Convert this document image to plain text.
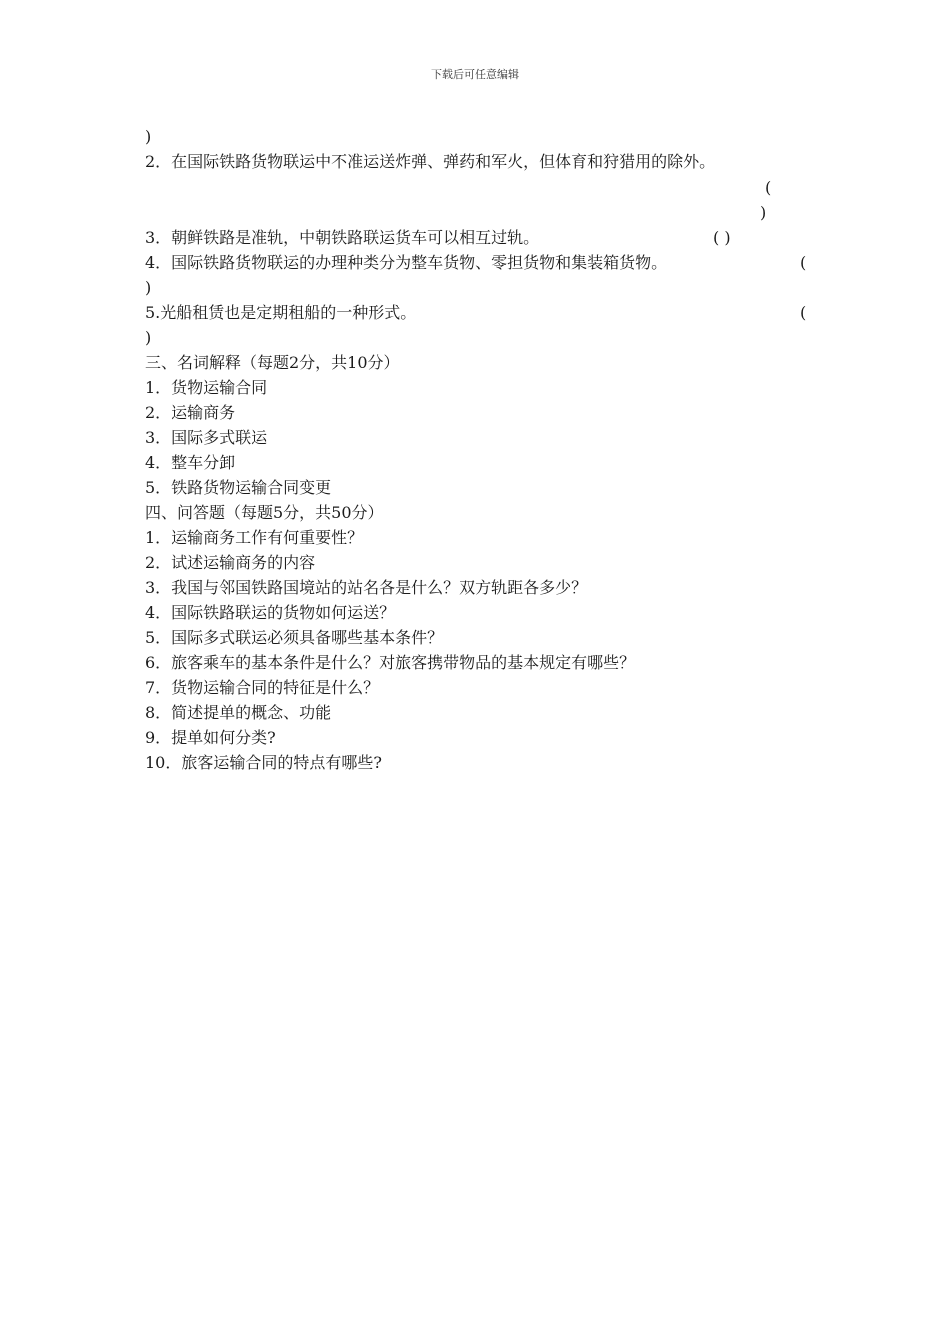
下载后可任意编辑
)
2．在国际铁路货物联运中不准运送炸弹、弹药和军火，但体育和狩猎用的除外。
(
)
3．朝鲜铁路是准轨，中朝铁路联运货车可以相互过轨。	( )
4．国际铁路货物联运的办理种类分为整车货物、零担货物和集装箱货物。	(
)
5.光船租赁也是定期租船的一种形式。	(
)
三、名词解释（每题2分，共10分）
1．货物运输合同
2．运输商务
3．国际多式联运
4．整车分卸
5．铁路货物运输合同变更
四、问答题（每题5分，共50分）
1．运输商务工作有何重要性？
2．试述运输商务的内容
3．我国与邻国铁路国境站的站名各是什么？双方轨距各多少？
4．国际铁路联运的货物如何运送？
5．国际多式联运必须具备哪些基本条件？
6．旅客乘车的基本条件是什么？对旅客携带物品的基本规定有哪些？
7．货物运输合同的特征是什么？
8．简述提单的概念、功能
9．提单如何分类?
10．旅客运输合同的特点有哪些?
